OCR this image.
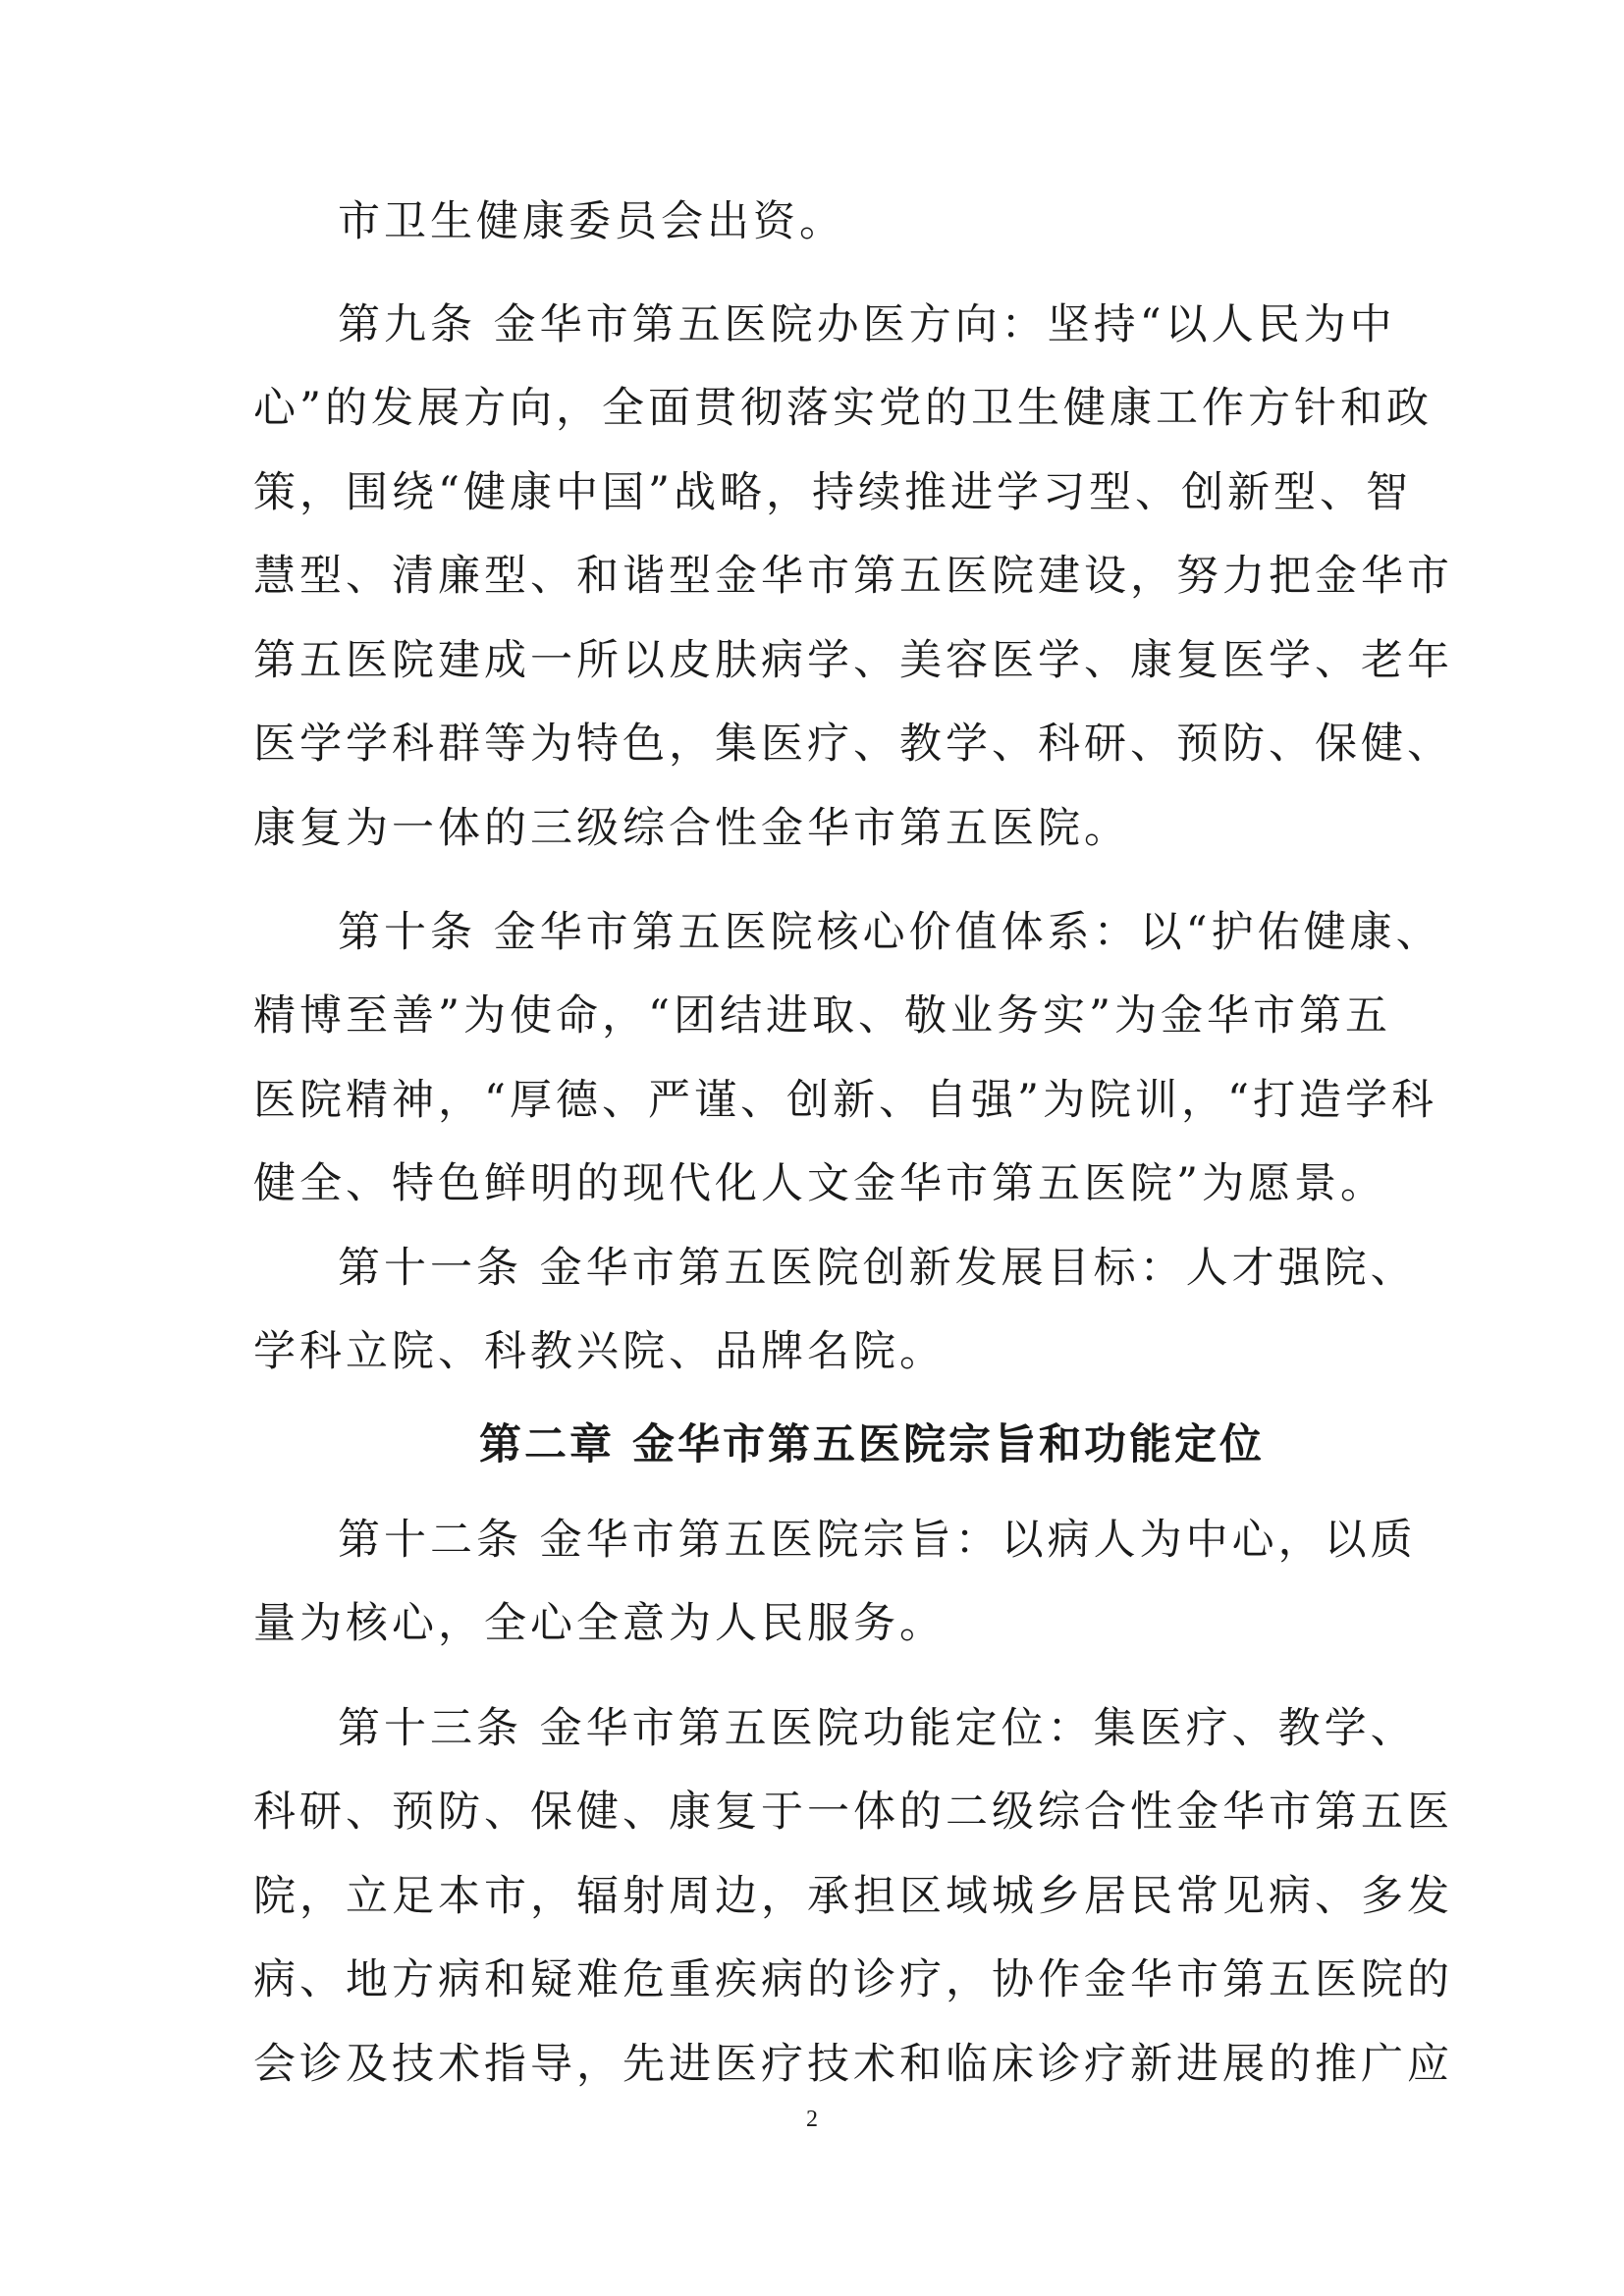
市卫生健康委员会出资。
第九条 金华市第五医院办医方向：坚持“以人民为中
心”的发展方向，全面贯彻落实党的卫生健康工作方针和政
策，围绕“健康中国”战略，持续推进学习型、创新型、智
慧型、清廉型、和谐型金华市第五医院建设，努力把金华市
第五医院建成一所以皮肤病学、美容医学、康复医学、老年
医学学科群等为特色，集医疗、教学、科研、预防、保健、
康复为一体的三级综合性金华市第五医院。
第十条 金华市第五医院核心价值体系：以“护佑健康、
精博至善”为使命，“团结进取、敬业务实”为金华市第五
医院精神，“厚德、严谨、创新、自强”为院训，“打造学科
健全、特色鲜明的现代化人文金华市第五医院”为愿景。
第十一条 金华市第五医院创新发展目标：人才强院、
学科立院、科教兴院、品牌名院。
第二章 金华市第五医院宗旨和功能定位
第十二条 金华市第五医院宗旨：以病人为中心，以质
量为核心，全心全意为人民服务。
第十三条 金华市第五医院功能定位：集医疗、教学、
科研、预防、保健、康复于一体的二级综合性金华市第五医
院，立足本市，辐射周边，承担区域城乡居民常见病、多发
病、地方病和疑难危重疾病的诊疗，协作金华市第五医院的
会诊及技术指导，先进医疗技术和临床诊疗新进展的推广应
2
